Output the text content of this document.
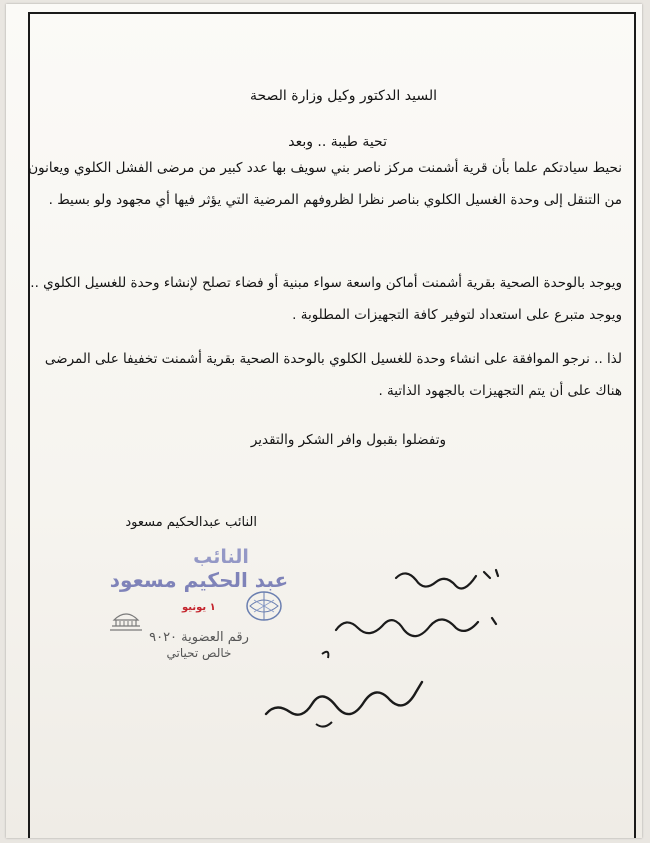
السيد الدكتور وكيل وزارة الصحة
تحية طيبة .. وبعد
نحيط سيادتكم علما بأن قرية أشمنت مركز ناصر بني سويف بها عدد كبير من مرضى الفشل الكلوي ويعانون من التنقل إلى وحدة الغسيل الكلوي بناصر نظرا لظروفهم المرضية التي يؤثر فيها أي مجهود ولو بسيط .
ويوجد بالوحدة الصحية بقرية أشمنت أماكن واسعة سواء مبنية أو فضاء تصلح لإنشاء وحدة للغسيل الكلوي .. ويوجد متبرع على استعداد لتوفير كافة التجهيزات المطلوبة .
لذا .. نرجو الموافقة على انشاء وحدة للغسيل الكلوي بالوحدة الصحية بقرية أشمنت تخفيفا على المرضى هناك على أن يتم التجهيزات بالجهود الذاتية .
وتفضلوا بقبول وافر الشكر والتقدير
النائب عبدالحكيم مسعود
النائب
عبد الحكيم مسعود
١ يونيو
رقم العضوية ٩٠٢٠
خالص تحياتي
